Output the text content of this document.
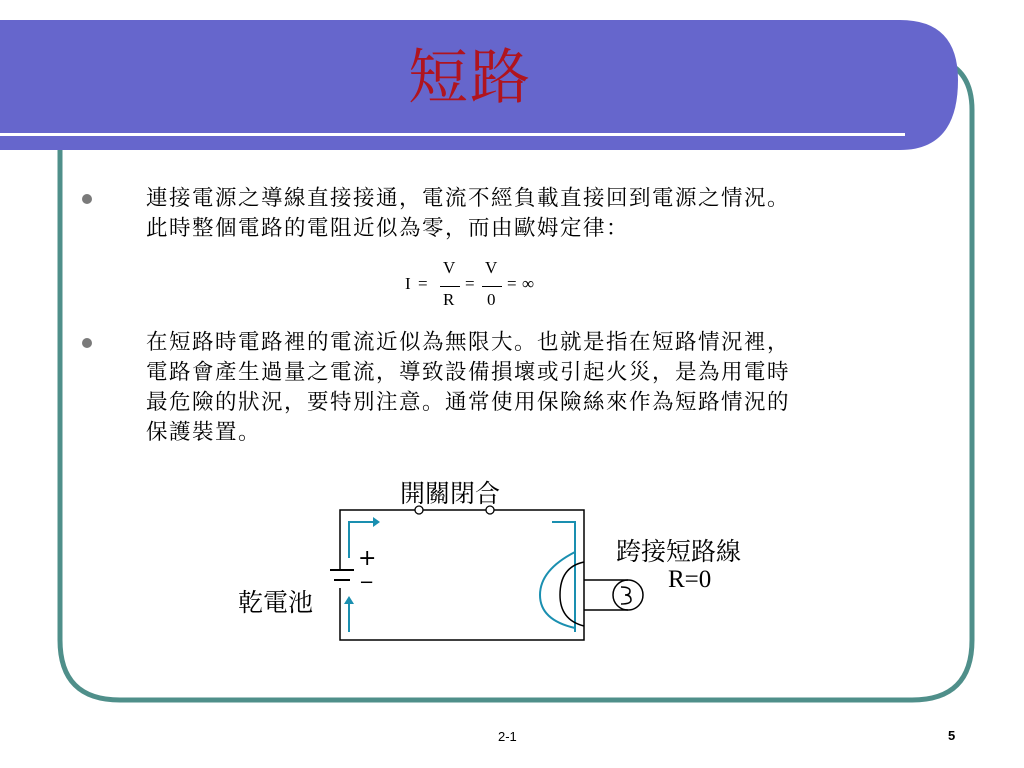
短路
連接電源之導線直接接通，電流不經負載直接回到電源之情況。
此時整個電路的電阻近似為零，而由歐姆定律：
I =
V
R
=
V
0
= ∞
在短路時電路裡的電流近似為無限大。也就是指在短路情況裡，
電路會產生過量之電流，導致設備損壞或引起火災，是為用電時
最危險的狀況，要特別注意。通常使用保險絲來作為短路情況的
保護裝置。
開關閉合
乾電池
+
−
跨接短路線
R=0
2-1	5
